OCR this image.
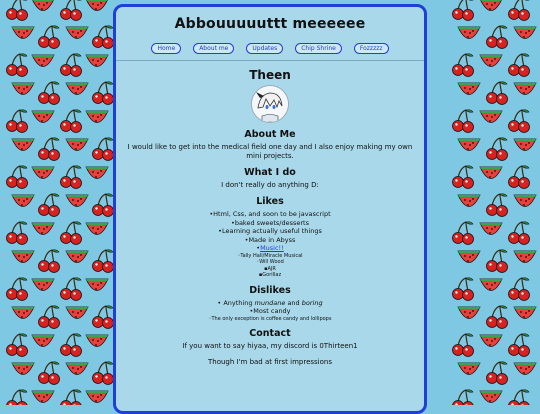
Abbouuuuuttt meeeeee
Home	About me	Updates	Chip Shrine	Fozzzzz
Theen
About Me

I would like to get into the medical field one day and I also enjoy making my own mini projects.

What I do

I don't really do anything D:

Likes
• Html, Css, and soon to be javascript
• baked sweets/desserts
• Learning actually useful things
• Made in Abyss
• Music!!
◦ Tally Hall/Miracle Musical
◦ Will Wood
▪ AJR
▪ Gorillaz
Dislikes
• Anything mundane and boring
• Most candy
◦ The only exception is coffee candy and lollipops
Contact

If you want to say hiyaa, my discord is 0Thirteen1

Though I'm bad at first impressions
